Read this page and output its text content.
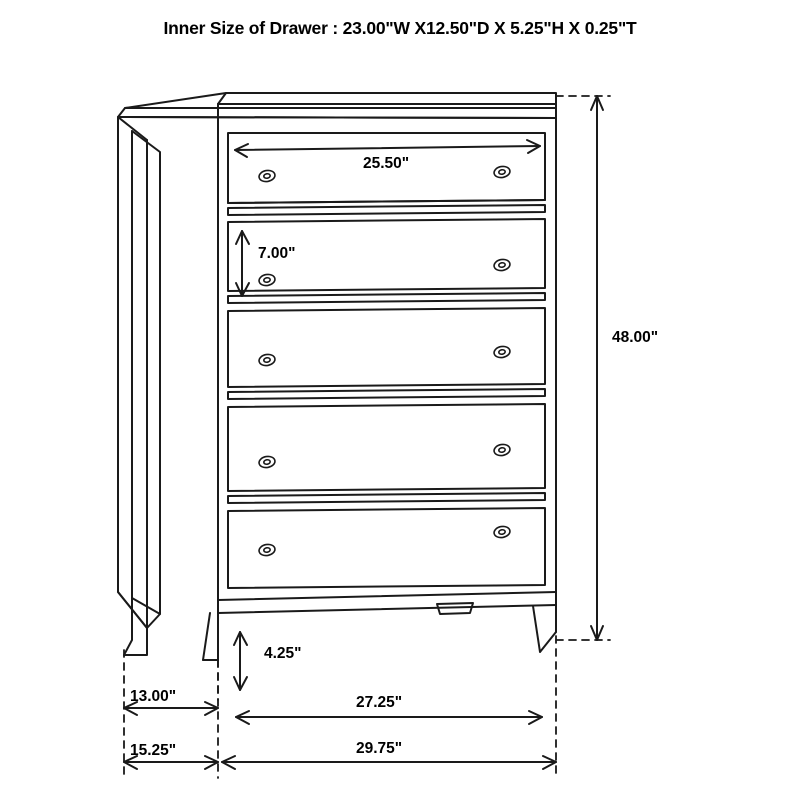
Inner Size of Drawer : 23.00"W X12.50"D X 5.25"H X 0.25"T
25.50"
7.00"
48.00"
4.25"
13.00"	27.25"
15.25"	29.75"
